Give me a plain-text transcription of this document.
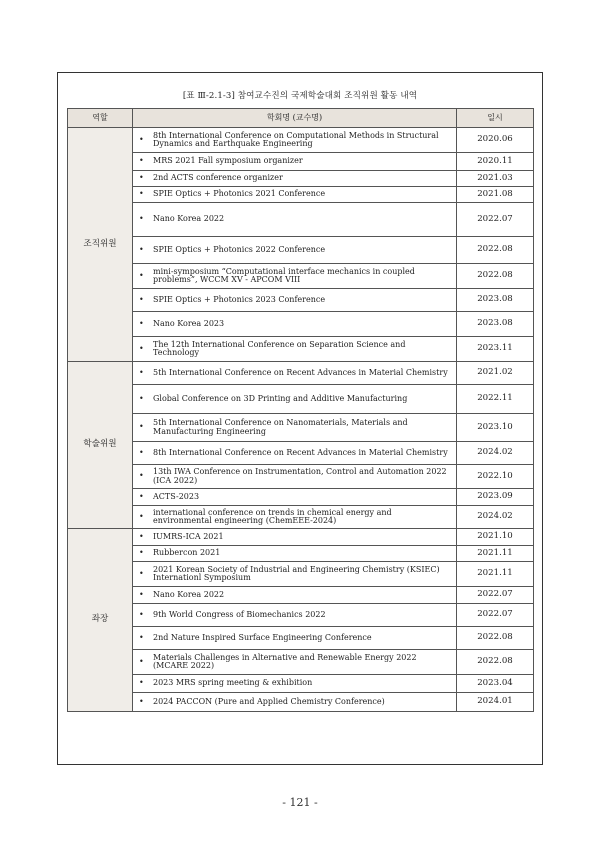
[표 Ⅲ-2.1-3] 참여교수진의 국제학술대회 조직위원 활동 내역
역할	학회명 (교수명)	일시
조직위원	• 8th International Conference on Computational Methods in Structural Dynamics and Earthquake Engineering	2020.06

	• MRS 2021 Fall symposium organizer	2020.11

	• 2nd ACTS conference organizer	2021.03

	• SPIE Optics + Photonics 2021 Conference	2021.08

	• Nano Korea 2022	2022.07

	• SPIE Optics + Photonics 2022 Conference	2022.08

	• mini-symposium “Computational interface mechanics in coupled problems”, WCCM XV - APCOM VIII	2022.08

	• SPIE Optics + Photonics 2023 Conference	2023.08

	• Nano Korea 2023	2023.08

	• The 12th International Conference on Separation Science and Technology	2023.11
학술위원	• 5th International Conference on Recent Advances in Material Chemistry	2021.02

	• Global Conference on 3D Printing and Additive Manufacturing	2022.11

	• 5th International Conference on Nanomaterials, Materials and Manufacturing Engineering	2023.10

	• 8th International Conference on Recent Advances in Material Chemistry	2024.02

	• 13th IWA Conference on Instrumentation, Control and Automation 2022 (ICA 2022)	2022.10

	• ACTS-2023	2023.09

	• international conference on trends in chemical energy and environmental engineering (ChemEEE-2024)	2024.02
좌장	• IUMRS-ICA 2021	2021.10

	• Rubbercon 2021	2021.11

	• 2021 Korean Society of Industrial and Engineering Chemistry (KSIEC) Internationl Symposium	2021.11

	• Nano Korea 2022	2022.07

	• 9th World Congress of Biomechanics 2022	2022.07

	• 2nd Nature Inspired Surface Engineering Conference	2022.08

	• Materials Challenges in Alternative and Renewable Energy 2022 (MCARE 2022)	2022.08

	• 2023 MRS spring meeting & exhibition	2023.04

	• 2024 PACCON (Pure and Applied Chemistry Conference)	2024.01
- 121 -
